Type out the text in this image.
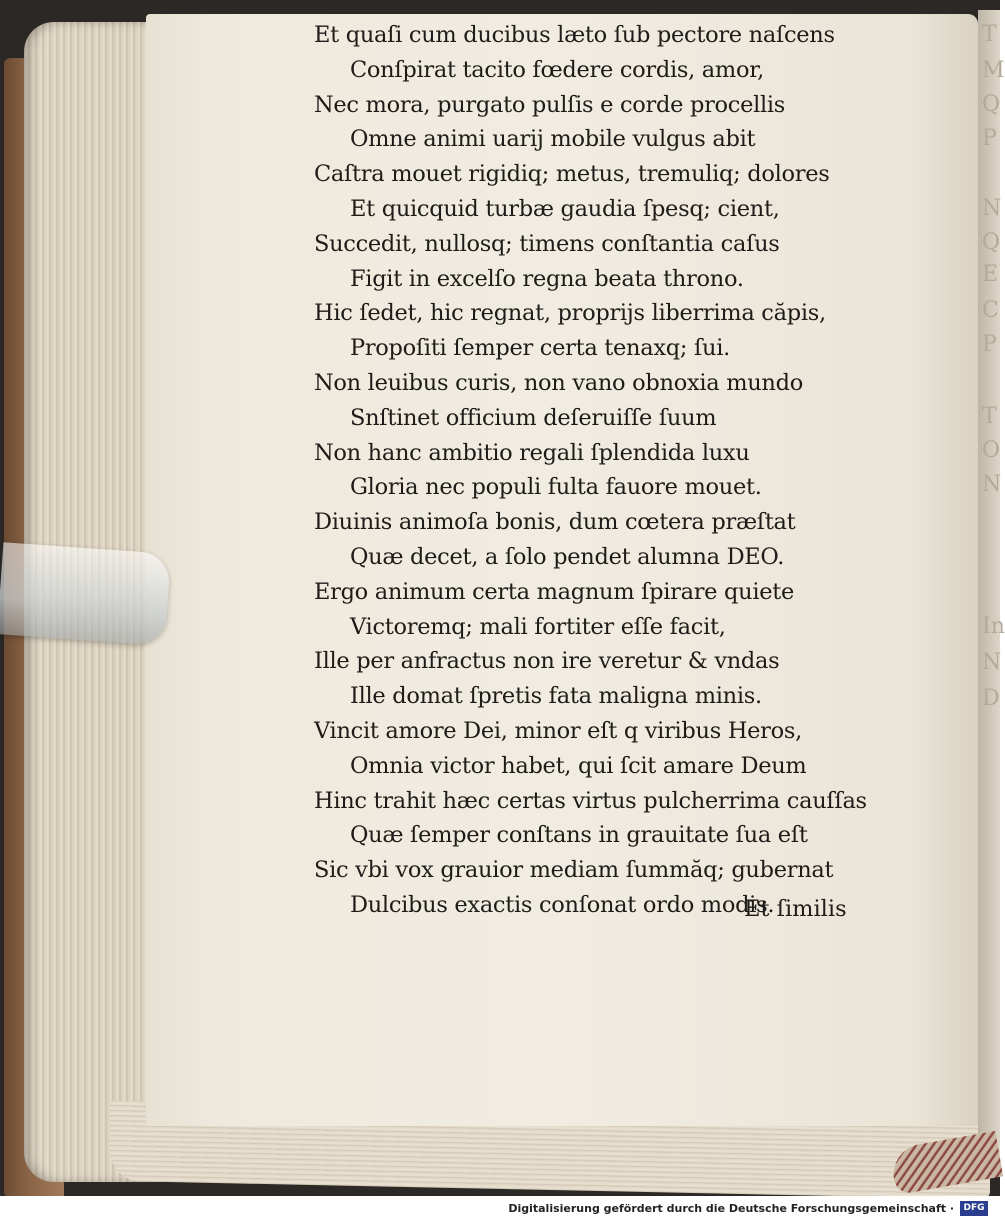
T
M
Q
P
N
Q
E
C
P
T
O
N
In
N
D
Et quaſi cum ducibus læto ſub pectore naſcens
Conſpirat tacito fœdere cordis, amor,
Nec mora, purgato pulſis e corde procellis
Omne animi uarij mobile vulgus abit
Caſtra mouet rigidiq; metus, tremuliq; dolores
Et quicquid turbæ gaudia ſpesq; cient,
Succedit, nullosq; timens conſtantia caſus
Figit in excelſo regna beata throno.
Hic ſedet, hic regnat, proprijs liberrima căpis,
Propoſiti ſemper certa tenaxq; ſui.
Non leuibus curis, non vano obnoxia mundo
Snſtinet officium deſeruiſſe ſuum
Non hanc ambitio regali ſplendida luxu
Gloria nec populi fulta fauore mouet.
Diuinis animoſa bonis, dum cœtera præſtat
Quæ decet, a ſolo pendet alumna DEO.
Ergo animum certa magnum ſpirare quiete
Victoremq; mali fortiter eſſe facit,
Ille per anfractus non ire veretur & vndas
Ille domat ſpretis fata maligna minis.
Vincit amore Dei, minor eſt q viribus Heros,
Omnia victor habet, qui ſcit amare Deum
Hinc trahit hæc certas virtus pulcherrima cauſſas
Quæ ſemper conſtans in grauitate ſua eſt
Sic vbi vox grauior mediam ſummăq; gubernat
Dulcibus exactis conſonat ordo modis.
Et ſimilis
Digitalisierung gefördert durch die Deutsche Forschungsgemeinschaft ·	DFG
